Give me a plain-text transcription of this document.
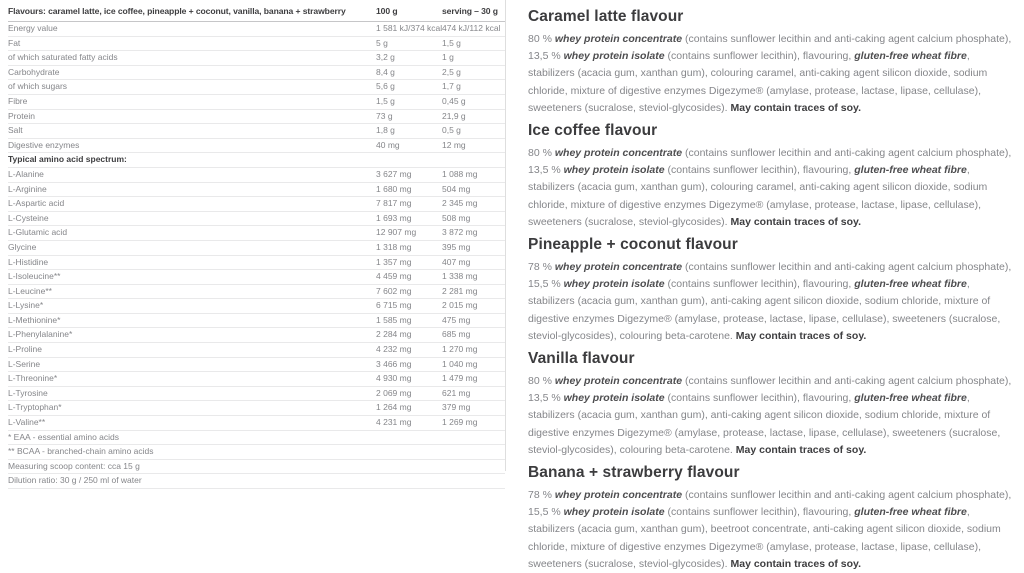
Flavours: caramel latte, ice coffee, pineapple + coconut, vanilla, banana + strawberry	100 g	serving – 30 g
Energy value	1 581 kJ/374 kcal	474 kJ/112 kcal
Fat	5 g	1,5 g
of which saturated fatty acids	3,2 g	1 g
Carbohydrate	8,4 g	2,5 g
of which sugars	5,6 g	1,7 g
Fibre	1,5 g	0,45 g
Protein	73 g	21,9 g
Salt	1,8 g	0,5 g
Digestive enzymes	40 mg	12 mg
Typical amino acid spectrum:		
L-Alanine	3 627 mg	1 088 mg
L-Arginine	1 680 mg	504 mg
L-Aspartic acid	7 817 mg	2 345 mg
L-Cysteine	1 693 mg	508 mg
L-Glutamic acid	12 907 mg	3 872 mg
Glycine	1 318 mg	395 mg
L-Histidine	1 357 mg	407 mg
L-Isoleucine**	4 459 mg	1 338 mg
L-Leucine**	7 602 mg	2 281 mg
L-Lysine*	6 715 mg	2 015 mg
L-Methionine*	1 585 mg	475 mg
L-Phenylalanine*	2 284 mg	685 mg
L-Proline	4 232 mg	1 270 mg
L-Serine	3 466 mg	1 040 mg
L-Threonine*	4 930 mg	1 479 mg
L-Tyrosine	2 069 mg	621 mg
L-Tryptophan*	1 264 mg	379 mg
L-Valine**	4 231 mg	1 269 mg
* EAA - essential amino acids		
** BCAA - branched-chain amino acids		
Measuring scoop content: cca 15 g		
Dilution ratio: 30 g / 250 ml of water		
Caramel latte flavour

80 % whey protein concentrate (contains sunflower lecithin and anti-caking agent calcium phosphate), 13,5 % whey protein isolate (contains sunflower lecithin), flavouring, gluten-free wheat fibre, stabilizers (acacia gum, xanthan gum), colouring caramel, anti-caking agent silicon dioxide, sodium chloride, mixture of digestive enzymes Digezyme® (amylase, protease, lactase, lipase, cellulase), sweeteners (sucralose, steviol-glycosides). May contain traces of soy.

Ice coffee flavour

80 % whey protein concentrate (contains sunflower lecithin and anti-caking agent calcium phosphate), 13,5 % whey protein isolate (contains sunflower lecithin), flavouring, gluten-free wheat fibre, stabilizers (acacia gum, xanthan gum), colouring caramel, anti-caking agent silicon dioxide, sodium chloride, mixture of digestive enzymes Digezyme® (amylase, protease, lactase, lipase, cellulase), sweeteners (sucralose, steviol-glycosides). May contain traces of soy.

Pineapple + coconut flavour

78 % whey protein concentrate (contains sunflower lecithin and anti-caking agent calcium phosphate), 15,5 % whey protein isolate (contains sunflower lecithin), flavouring, gluten-free wheat fibre, stabilizers (acacia gum, xanthan gum), anti-caking agent silicon dioxide, sodium chloride, mixture of digestive enzymes Digezyme® (amylase, protease, lactase, lipase, cellulase), sweeteners (sucralose, steviol-glycosides), colouring beta-carotene. May contain traces of soy.

Vanilla flavour

80 % whey protein concentrate (contains sunflower lecithin and anti-caking agent calcium phosphate), 13,5 % whey protein isolate (contains sunflower lecithin), flavouring, gluten-free wheat fibre, stabilizers (acacia gum, xanthan gum), anti-caking agent silicon dioxide, sodium chloride, mixture of digestive enzymes Digezyme® (amylase, protease, lactase, lipase, cellulase), sweeteners (sucralose, steviol-glycosides), colouring beta-carotene. May contain traces of soy.

Banana + strawberry flavour

78 % whey protein concentrate (contains sunflower lecithin and anti-caking agent calcium phosphate), 15,5 % whey protein isolate (contains sunflower lecithin), flavouring, gluten-free wheat fibre, stabilizers (acacia gum, xanthan gum), beetroot concentrate, anti-caking agent silicon dioxide, sodium chloride, mixture of digestive enzymes Digezyme® (amylase, protease, lactase, lipase, cellulase), sweeteners (sucralose, steviol-glycosides). May contain traces of soy.
